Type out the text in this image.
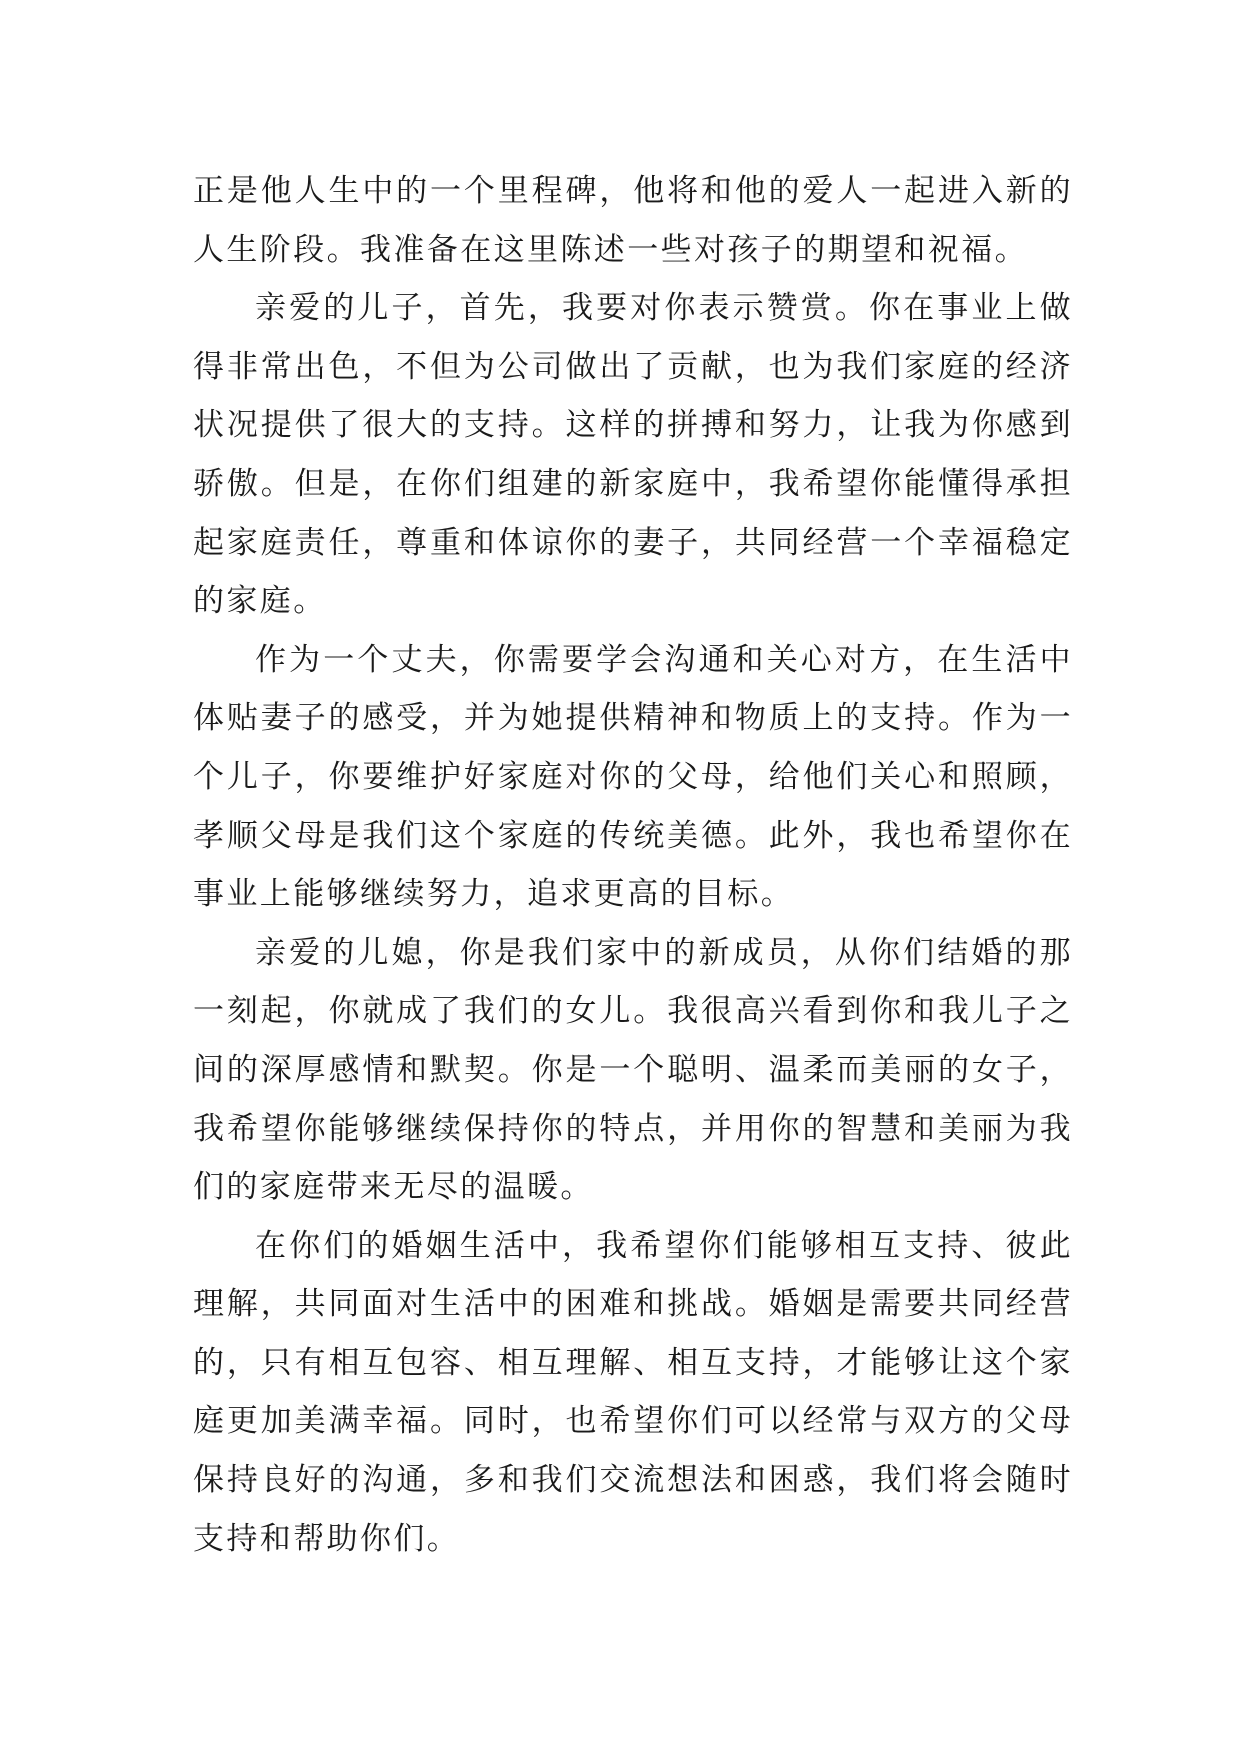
正是他人生中的一个里程碑，他将和他的爱人一起进入新的人生阶段。我准备在这里陈述一些对孩子的期望和祝福。

亲爱的儿子，首先，我要对你表示赞赏。你在事业上做得非常出色，不但为公司做出了贡献，也为我们家庭的经济状况提供了很大的支持。这样的拼搏和努力，让我为你感到骄傲。但是，在你们组建的新家庭中，我希望你能懂得承担起家庭责任，尊重和体谅你的妻子，共同经营一个幸福稳定的家庭。

作为一个丈夫，你需要学会沟通和关心对方，在生活中体贴妻子的感受，并为她提供精神和物质上的支持。作为一个儿子，你要维护好家庭对你的父母，给他们关心和照顾，孝顺父母是我们这个家庭的传统美德。此外，我也希望你在事业上能够继续努力，追求更高的目标。

亲爱的儿媳，你是我们家中的新成员，从你们结婚的那一刻起，你就成了我们的女儿。我很高兴看到你和我儿子之间的深厚感情和默契。你是一个聪明、温柔而美丽的女子，我希望你能够继续保持你的特点，并用你的智慧和美丽为我们的家庭带来无尽的温暖。

在你们的婚姻生活中，我希望你们能够相互支持、彼此理解，共同面对生活中的困难和挑战。婚姻是需要共同经营的，只有相互包容、相互理解、相互支持，才能够让这个家庭更加美满幸福。同时，也希望你们可以经常与双方的父母保持良好的沟通，多和我们交流想法和困惑，我们将会随时支持和帮助你们。
